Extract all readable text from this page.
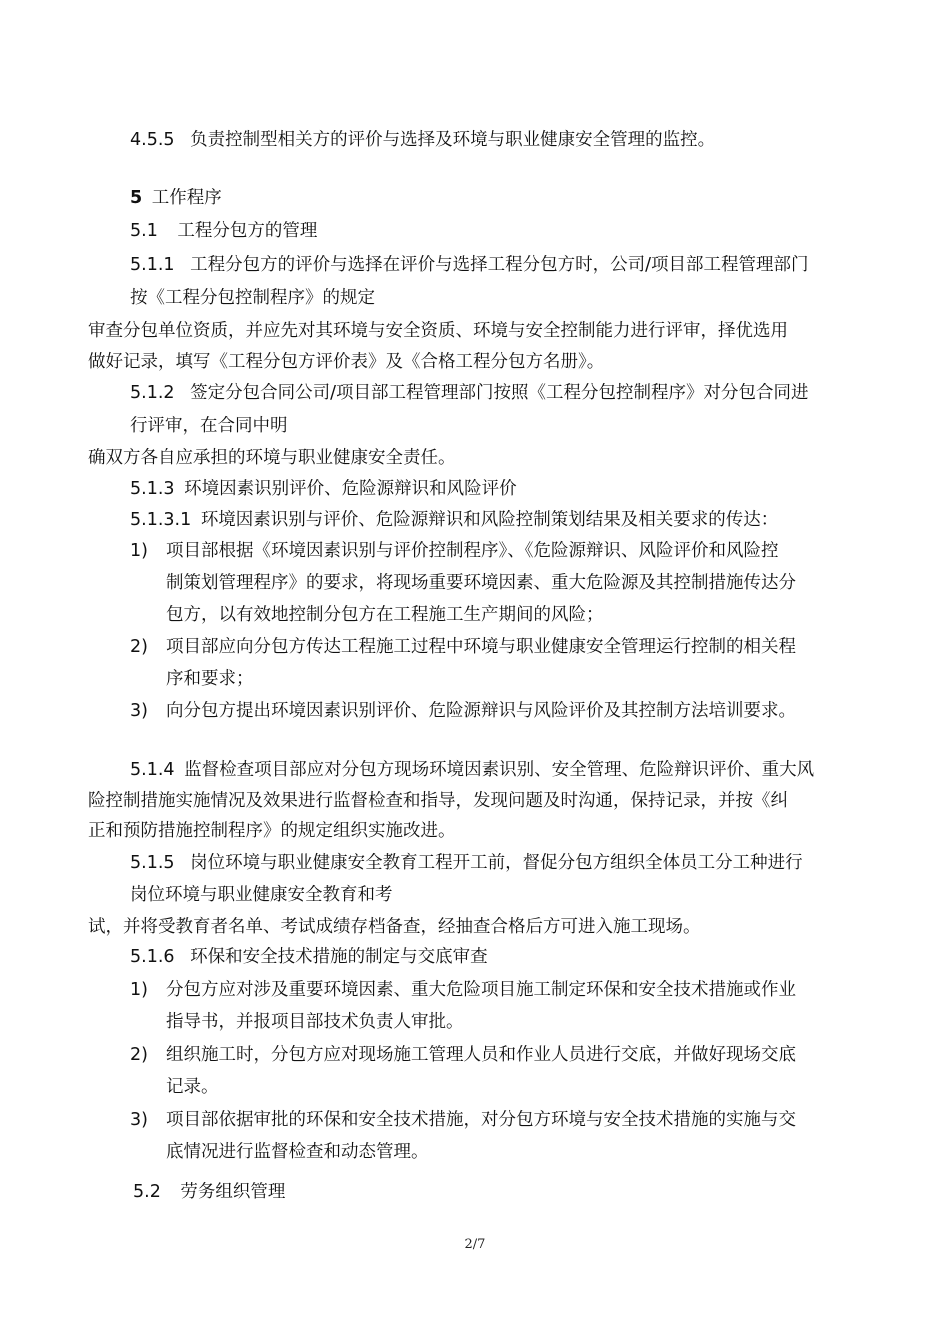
4.5.5 负责控制型相关方的评价与选择及环境与职业健康安全管理的监控。
5 工作程序
5.1 工程分包方的管理
5.1.1 工程分包方的评价与选择在评价与选择工程分包方时，公司/项目部工程管理部门
按《工程分包控制程序》的规定
审查分包单位资质，并应先对其环境与安全资质、环境与安全控制能力进行评审，择优选用
做好记录，填写《工程分包方评价表》及《合格工程分包方名册》。
5.1.2 签定分包合同公司/项目部工程管理部门按照《工程分包控制程序》对分包合同进
行评审，在合同中明
确双方各自应承担的环境与职业健康安全责任。
5.1.3 环境因素识别评价、危险源辩识和风险评价
5.1.3.1 环境因素识别与评价、危险源辩识和风险控制策划结果及相关要求的传达：
1) 项目部根据《环境因素识别与评价控制程序》、《危险源辩识、风险评价和风险控
制策划管理程序》的要求，将现场重要环境因素、重大危险源及其控制措施传达分
包方，以有效地控制分包方在工程施工生产期间的风险；
2) 项目部应向分包方传达工程施工过程中环境与职业健康安全管理运行控制的相关程
序和要求；
3) 向分包方提出环境因素识别评价、危险源辩识与风险评价及其控制方法培训要求。
5.1.4 监督检查项目部应对分包方现场环境因素识别、安全管理、危险辩识评价、重大风
险控制措施实施情况及效果进行监督检查和指导，发现问题及时沟通，保持记录，并按《纠
正和预防措施控制程序》的规定组织实施改进。
5.1.5 岗位环境与职业健康安全教育工程开工前，督促分包方组织全体员工分工种进行
岗位环境与职业健康安全教育和考
试，并将受教育者名单、考试成绩存档备查，经抽查合格后方可进入施工现场。
5.1.6 环保和安全技术措施的制定与交底审查
1) 分包方应对涉及重要环境因素、重大危险项目施工制定环保和安全技术措施或作业
指导书，并报项目部技术负责人审批。
2) 组织施工时，分包方应对现场施工管理人员和作业人员进行交底，并做好现场交底
记录。
3) 项目部依据审批的环保和安全技术措施，对分包方环境与安全技术措施的实施与交
底情况进行监督检查和动态管理。
5.2 劳务组织管理
2/7
